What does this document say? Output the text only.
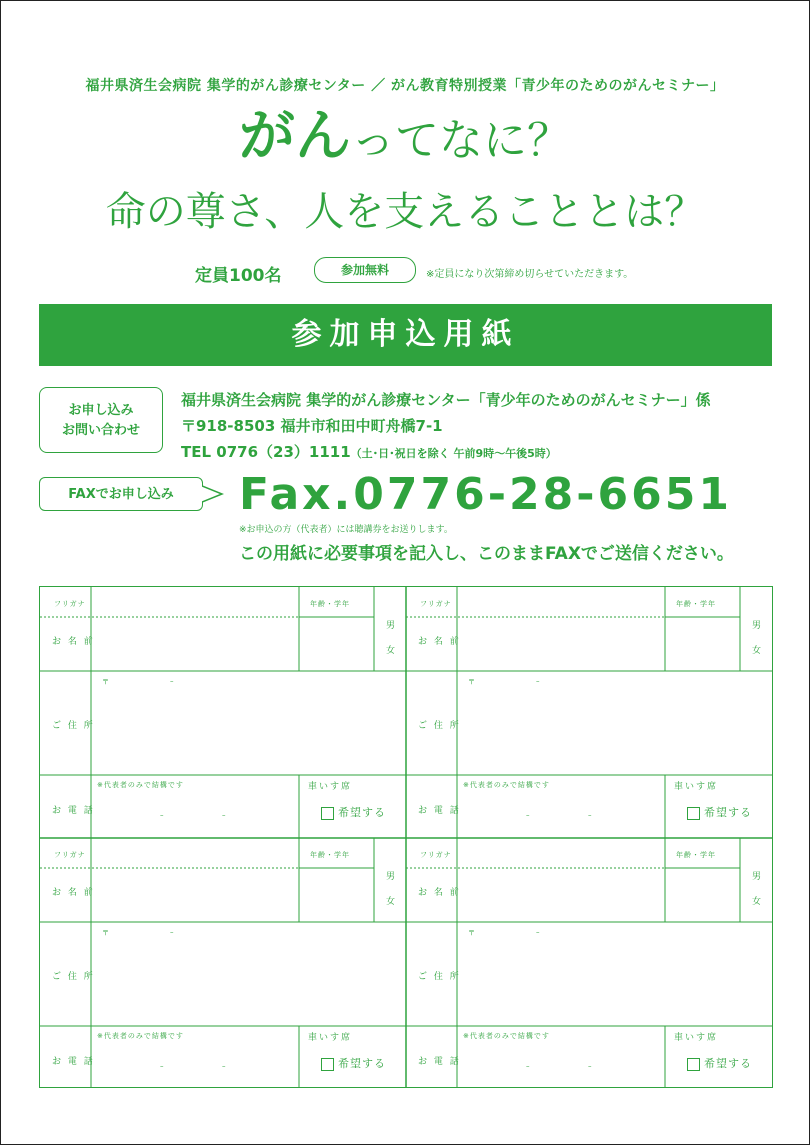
福井県済生会病院 集学的がん診療センター ／ がん教育特別授業「青少年のためのがんセミナー」
がんってなに？
命の尊さ、人を支えることとは？
定員100名	参加無料	※定員になり次第締め切らせていただきます。
参加申込用紙
お申し込み
お問い合わせ
福井県済生会病院 集学的がん診療センター「青少年のためのがんセミナー」係
〒918-8503 福井市和田中町舟橋7-1
TEL 0776（23）1111（土･日･祝日を除く 午前9時～午後5時）
FAXでお申し込み	Fax.0776-28-6651
※お申込の方（代表者）には聴講券をお送りします。
この用紙に必要事項を記入し、このままFAXでご送信ください。
フリガナ	年齢・学年
お 名 前
男
女
〒	–
ご 住 所
※代表者のみで結構です
お 電 話	–	–
車いす席
希望する
フリガナ	年齢・学年
お 名 前
男
女
〒	–
ご 住 所
※代表者のみで結構です
お 電 話	–	–
車いす席
希望する
フリガナ	年齢・学年
お 名 前
男
女
〒	–
ご 住 所
※代表者のみで結構です
お 電 話	–	–
車いす席
希望する
フリガナ	年齢・学年
お 名 前
男
女
〒	–
ご 住 所
※代表者のみで結構です
お 電 話	–	–
車いす席
希望する
